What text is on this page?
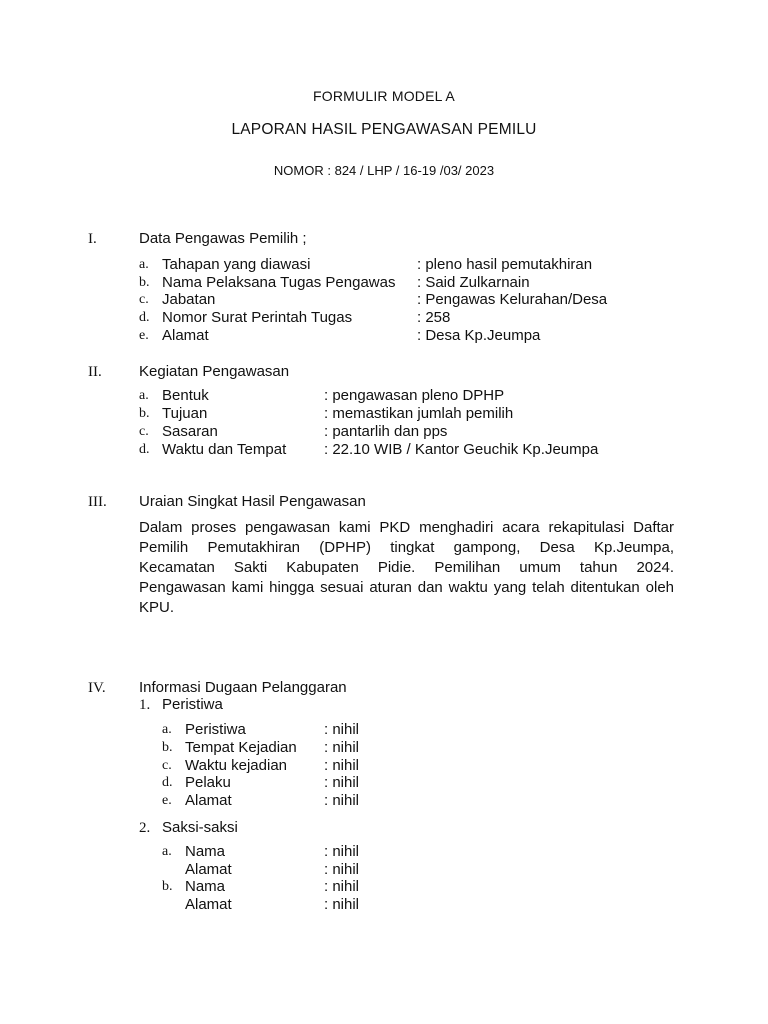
FORMULIR MODEL A
LAPORAN HASIL PENGAWASAN PEMILU
NOMOR : 824 / LHP / 16-19 /03/ 2023
I.	Data Pengawas Pemilih ;
a. Tahapan yang diawasi	: pleno hasil pemutakhiran
b. Nama Pelaksana Tugas Pengawas : Said Zulkarnain
c. Jabatan	: Pengawas Kelurahan/Desa
d. Nomor Surat Perintah Tugas	: 258
e. Alamat	: Desa Kp.Jeumpa
II.	Kegiatan Pengawasan
a. Bentuk	: pengawasan pleno DPHP
b. Tujuan	: memastikan jumlah pemilih
c. Sasaran	: pantarlih dan pps
d. Waktu dan Tempat	: 22.10 WIB / Kantor Geuchik Kp.Jeumpa
III.	Uraian Singkat Hasil Pengawasan

Dalam proses pengawasan kami PKD menghadiri acara rekapitulasi Daftar
Pemilih Pemutakhiran (DPHP) tingkat gampong, Desa Kp.Jeumpa,
Kecamatan Sakti Kabupaten Pidie. Pemilihan umum tahun 2024.
Pengawasan kami hingga sesuai aturan dan waktu yang telah ditentukan oleh
KPU.

IV.	Informasi Dugaan Pelanggaran
1. Peristiwa
a. Peristiwa	: nihil
b. Tempat Kejadian : nihil
c. Waktu kejadian : nihil
d. Pelaku	: nihil
e. Alamat	: nihil
2. Saksi-saksi
a. Nama	: nihil
Alamat	: nihil
b. Nama	: nihil
Alamat	: nihil
